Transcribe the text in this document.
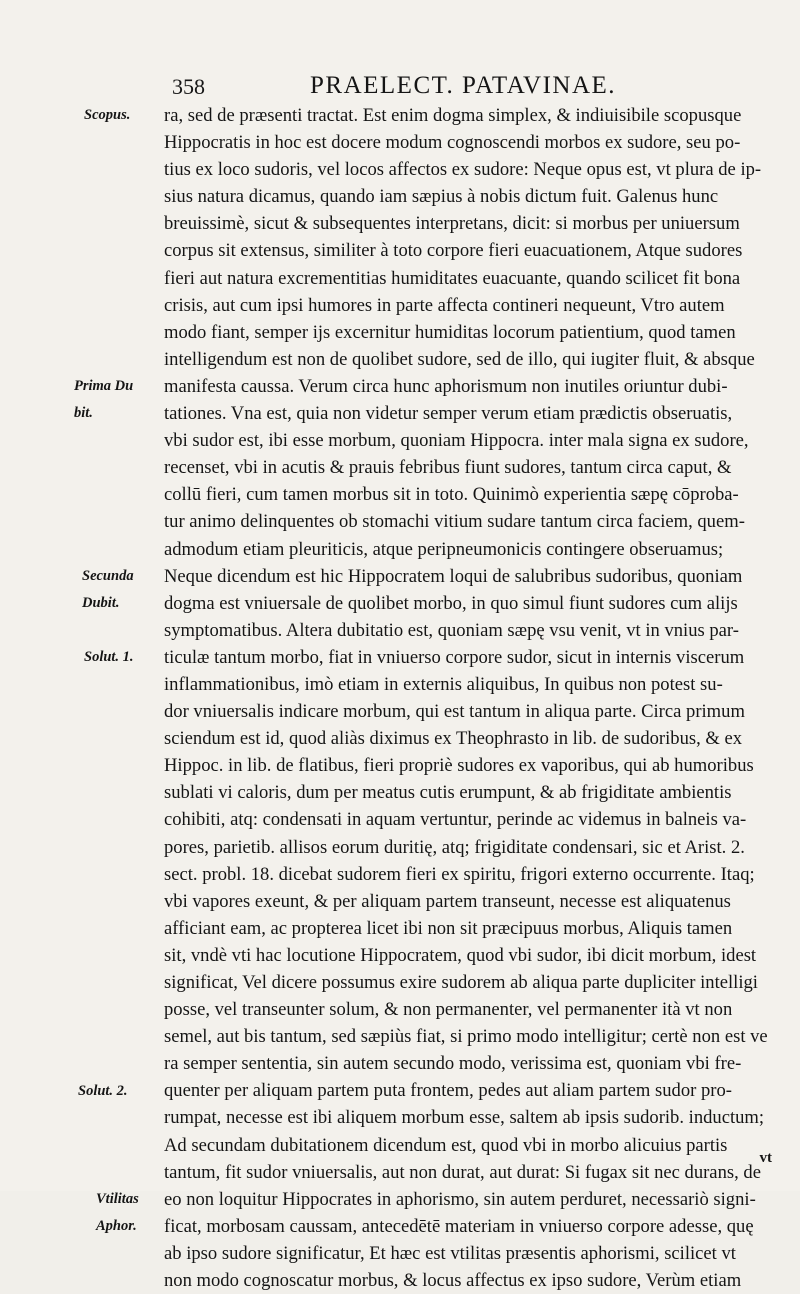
358	PRAELECT. PATAVINAE.
Scopus.
Prima Du
bit.
Secunda
Dubit.
Solut. 1.
Solut. 2.
Vtilitas
Aphor.
ra, sed de præsenti tractat. Est enim dogma simplex, & indiuisibile scopusque
Hippocratis in hoc est docere modum cognoscendi morbos ex sudore, seu po-
tius ex loco sudoris, vel locos affectos ex sudore: Neque opus est, vt plura de ip-
sius natura dicamus, quando iam sæpius à nobis dictum fuit. Galenus hunc
breuissimè, sicut & subsequentes interpretans, dicit: si morbus per uniuersum
corpus sit extensus, similiter à toto corpore fieri euacuationem, Atque sudores
fieri aut natura excrementitias humiditates euacuante, quando scilicet fit bona
crisis, aut cum ipsi humores in parte affecta contineri nequeunt, Vtro autem
modo fiant, semper ijs excernitur humiditas locorum patientium, quod tamen
intelligendum est non de quolibet sudore, sed de illo, qui iugiter fluit, & absque
manifesta caussa. Verum circa hunc aphorismum non inutiles oriuntur dubi-
tationes. Vna est, quia non videtur semper verum etiam prædictis obseruatis,
vbi sudor est, ibi esse morbum, quoniam Hippocra. inter mala signa ex sudore,
recenset, vbi in acutis & prauis febribus fiunt sudores, tantum circa caput, &
collū fieri, cum tamen morbus sit in toto. Quinimò experientia sæpę cōproba-
tur animo delinquentes ob stomachi vitium sudare tantum circa faciem, quem-
admodum etiam pleuriticis, atque peripneumonicis contingere obseruamus;
Neque dicendum est hic Hippocratem loqui de salubribus sudoribus, quoniam
dogma est vniuersale de quolibet morbo, in quo simul fiunt sudores cum alijs
symptomatibus. Altera dubitatio est, quoniam sæpę vsu venit, vt in vnius par-
ticulæ tantum morbo, fiat in vniuerso corpore sudor, sicut in internis viscerum
inflammationibus, imò etiam in externis aliquibus, In quibus non potest su-
dor vniuersalis indicare morbum, qui est tantum in aliqua parte. Circa primum
sciendum est id, quod aliàs diximus ex Theophrasto in lib. de sudoribus, & ex
Hippoc. in lib. de flatibus, fieri propriè sudores ex vaporibus, qui ab humoribus
sublati vi caloris, dum per meatus cutis erumpunt, & ab frigiditate ambientis
cohibiti, atq: condensati in aquam vertuntur, perinde ac videmus in balneis va-
pores, parietib. allisos eorum duritię, atq; frigiditate condensari, sic et Arist. 2.
sect. probl. 18. dicebat sudorem fieri ex spiritu, frigori externo occurrente. Itaq;
vbi vapores exeunt, & per aliquam partem transeunt, necesse est aliquatenus
afficiant eam, ac propterea licet ibi non sit præcipuus morbus, Aliquis tamen
sit, vndè vti hac locutione Hippocratem, quod vbi sudor, ibi dicit morbum, idest
significat, Vel dicere possumus exire sudorem ab aliqua parte dupliciter intelligi
posse, vel transeunter solum, & non permanenter, vel permanenter ità vt non
semel, aut bis tantum, sed sæpiùs fiat, si primo modo intelligitur; certè non est ve
ra semper sententia, sin autem secundo modo, verissima est, quoniam vbi fre-
quenter per aliquam partem puta frontem, pedes aut aliam partem sudor pro-
rumpat, necesse est ibi aliquem morbum esse, saltem ab ipsis sudorib. inductum;
Ad secundam dubitationem dicendum est, quod vbi in morbo alicuius partis
tantum, fit sudor vniuersalis, aut non durat, aut durat: Si fugax sit nec durans, de
eo non loquitur Hippocrates in aphorismo, sin autem perduret, necessariò signi-
ficat, morbosam caussam, antecedētē materiam in vniuerso corpore adesse, quę
ab ipso sudore significatur, Et hæc est vtilitas præsentis aphorismi, scilicet vt
non modo cognoscatur morbus, & locus affectus ex ipso sudore, Verùm etiam
vt
